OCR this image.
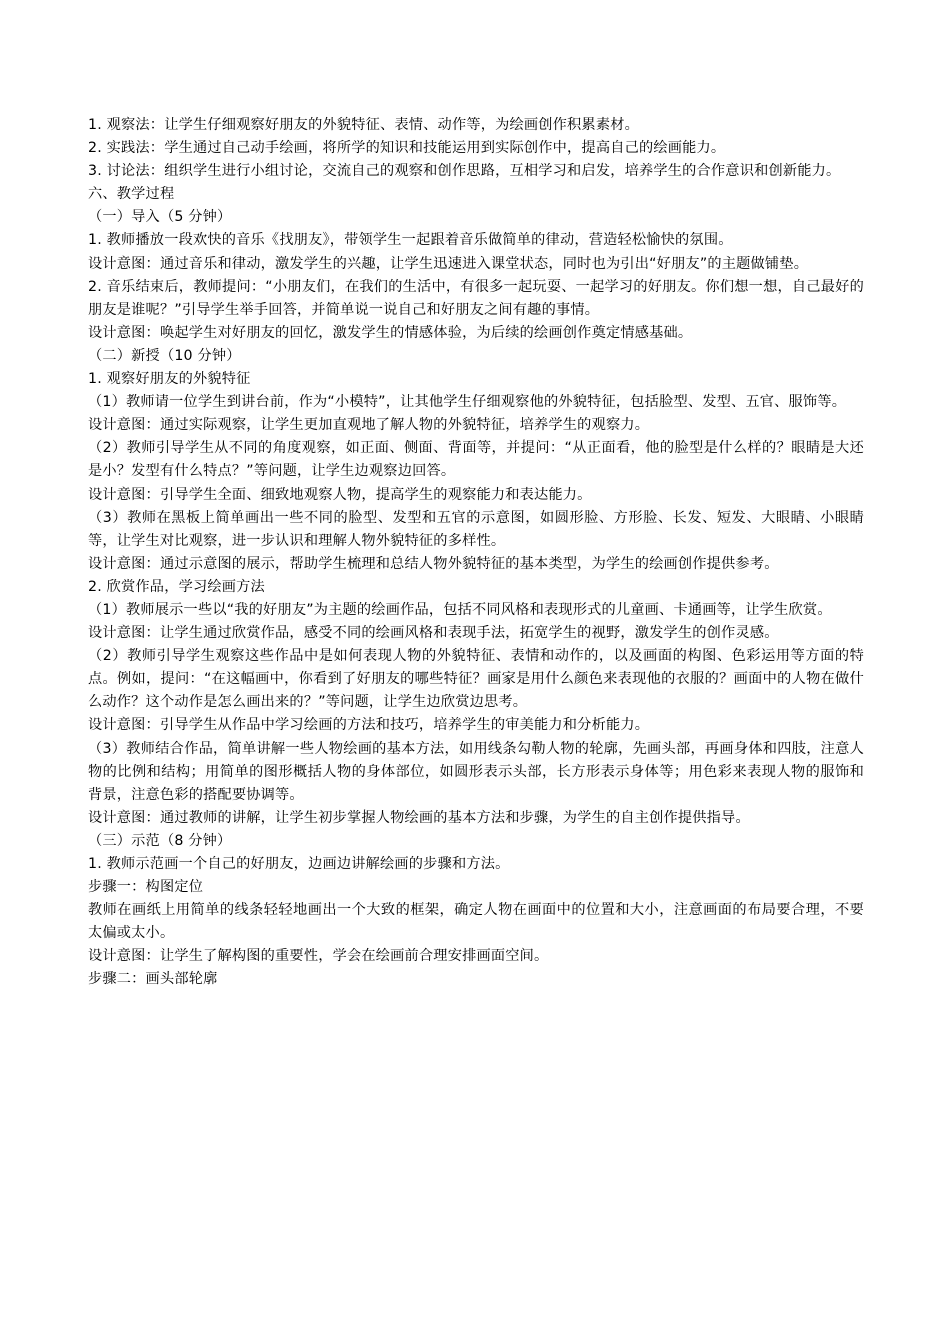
1. 观察法：让学生仔细观察好朋友的外貌特征、表情、动作等，为绘画创作积累素材。

2. 实践法：学生通过自己动手绘画，将所学的知识和技能运用到实际创作中，提高自己的绘画能力。

3. 讨论法：组织学生进行小组讨论，交流自己的观察和创作思路，互相学习和启发，培养学生的合作意识和创新能力。

六、教学过程

（一）导入（5 分钟）

1. 教师播放一段欢快的音乐《找朋友》，带领学生一起跟着音乐做简单的律动，营造轻松愉快的氛围。

设计意图：通过音乐和律动，激发学生的兴趣，让学生迅速进入课堂状态，同时也为引出“好朋友”的主题做铺垫。

2. 音乐结束后，教师提问：“小朋友们，在我们的生活中，有很多一起玩耍、一起学习的好朋友。你们想一想，自己最好的朋友是谁呢？”引导学生举手回答，并简单说一说自己和好朋友之间有趣的事情。

设计意图：唤起学生对好朋友的回忆，激发学生的情感体验，为后续的绘画创作奠定情感基础。

（二）新授（10 分钟）

1. 观察好朋友的外貌特征

（1）教师请一位学生到讲台前，作为“小模特”，让其他学生仔细观察他的外貌特征，包括脸型、发型、五官、服饰等。

设计意图：通过实际观察，让学生更加直观地了解人物的外貌特征，培养学生的观察力。

（2）教师引导学生从不同的角度观察，如正面、侧面、背面等，并提问：“从正面看，他的脸型是什么样的？眼睛是大还是小？发型有什么特点？”等问题，让学生边观察边回答。

设计意图：引导学生全面、细致地观察人物，提高学生的观察能力和表达能力。

（3）教师在黑板上简单画出一些不同的脸型、发型和五官的示意图，如圆形脸、方形脸、长发、短发、大眼睛、小眼睛等，让学生对比观察，进一步认识和理解人物外貌特征的多样性。

设计意图：通过示意图的展示，帮助学生梳理和总结人物外貌特征的基本类型，为学生的绘画创作提供参考。

2. 欣赏作品，学习绘画方法

（1）教师展示一些以“我的好朋友”为主题的绘画作品，包括不同风格和表现形式的儿童画、卡通画等，让学生欣赏。

设计意图：让学生通过欣赏作品，感受不同的绘画风格和表现手法，拓宽学生的视野，激发学生的创作灵感。

（2）教师引导学生观察这些作品中是如何表现人物的外貌特征、表情和动作的，以及画面的构图、色彩运用等方面的特点。例如，提问：“在这幅画中，你看到了好朋友的哪些特征？画家是用什么颜色来表现他的衣服的？画面中的人物在做什么动作？这个动作是怎么画出来的？”等问题，让学生边欣赏边思考。

设计意图：引导学生从作品中学习绘画的方法和技巧，培养学生的审美能力和分析能力。

（3）教师结合作品，简单讲解一些人物绘画的基本方法，如用线条勾勒人物的轮廓，先画头部，再画身体和四肢，注意人物的比例和结构；用简单的图形概括人物的身体部位，如圆形表示头部，长方形表示身体等；用色彩来表现人物的服饰和背景，注意色彩的搭配要协调等。

设计意图：通过教师的讲解，让学生初步掌握人物绘画的基本方法和步骤，为学生的自主创作提供指导。

（三）示范（8 分钟）

1. 教师示范画一个自己的好朋友，边画边讲解绘画的步骤和方法。

步骤一：构图定位

教师在画纸上用简单的线条轻轻地画出一个大致的框架，确定人物在画面中的位置和大小，注意画面的布局要合理，不要太偏或太小。

设计意图：让学生了解构图的重要性，学会在绘画前合理安排画面空间。

步骤二：画头部轮廓
